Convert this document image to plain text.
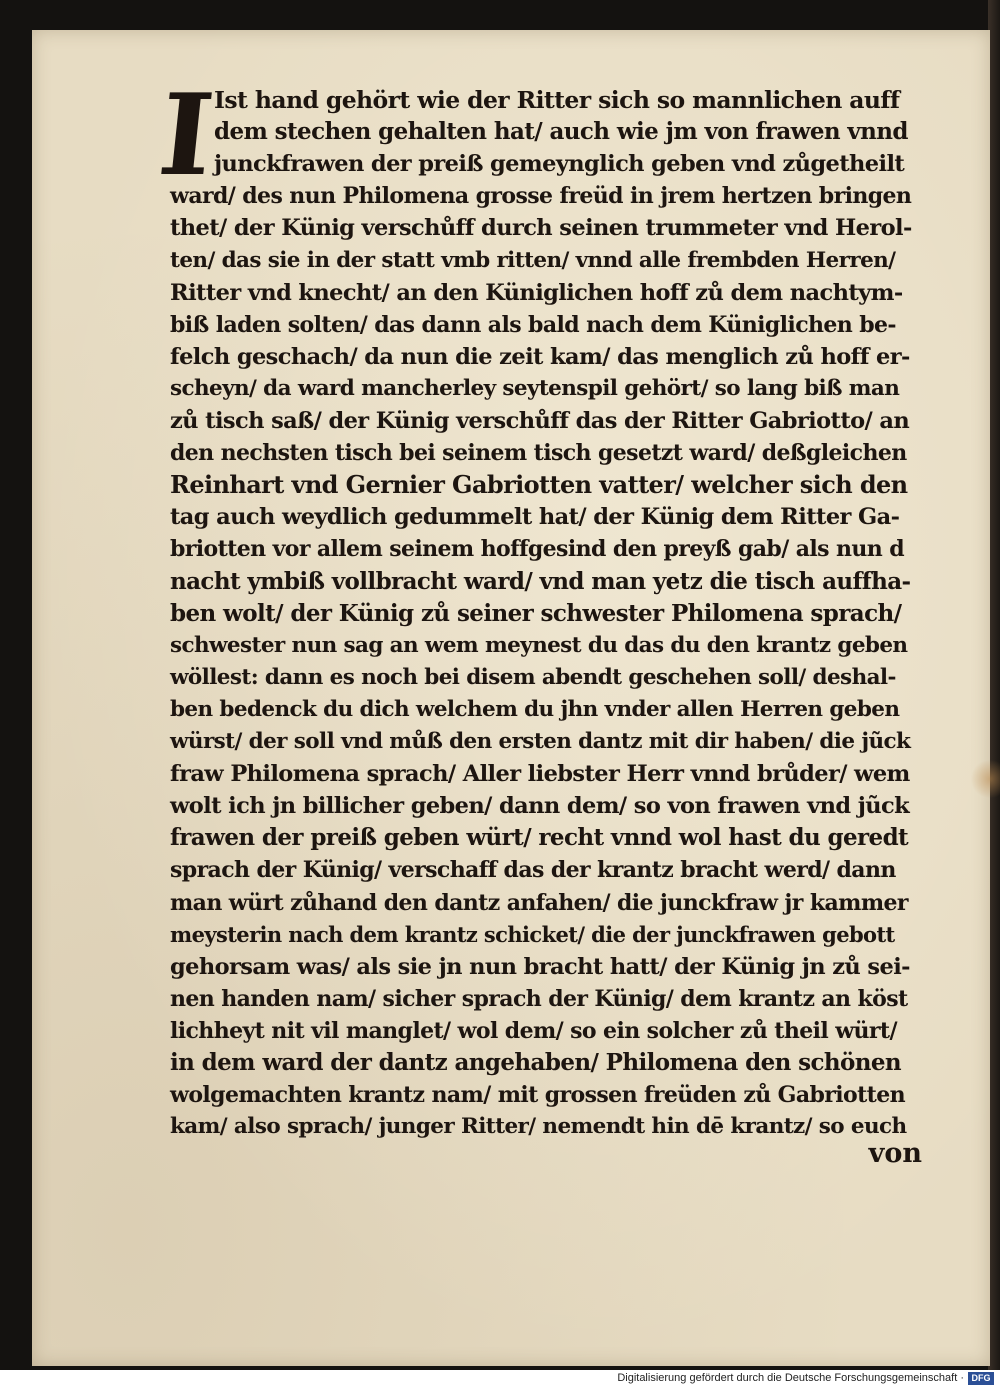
I
Ist hand gehört wie der Ritter sich so mannlichen auff
dem stechen gehalten hat/ auch wie jm von frawen vnnd
junckfrawen der preiß gemeynglich geben vnd zůgetheilt
ward/ des nun Philomena grosse freüd in jrem hertzen bringen
thet/ der Künig verschůff durch seinen trummeter vnd Herol-
ten/ das sie in der statt vmb ritten/ vnnd alle frembden Herren/
Ritter vnd knecht/ an den Küniglichen hoff zů dem nachtym-
biß laden solten/ das dann als bald nach dem Küniglichen be-
felch geschach/ da nun die zeit kam/ das menglich zů hoff er-
scheyn/ da ward mancherley seytenspil gehört/ so lang biß man
zů tisch saß/ der Künig verschůff das der Ritter Gabriotto/ an
den nechsten tisch bei seinem tisch gesetzt ward/ deßgleichen
Reinhart vnd Gernier Gabriotten vatter/ welcher sich den
tag auch weydlich gedummelt hat/ der Künig dem Ritter Ga-
briotten vor allem seinem hoffgesind den preyß gab/ als nun d
nacht ymbiß vollbracht ward/ vnd man yetz die tisch auffha-
ben wolt/ der Künig zů seiner schwester Philomena sprach/
schwester nun sag an wem meynest du das du den krantz geben
wöllest: dann es noch bei disem abendt geschehen soll/ deshal-
ben bedenck du dich welchem du jhn vnder allen Herren geben
würst/ der soll vnd můß den ersten dantz mit dir haben/ die jũck
fraw Philomena sprach/ Aller liebster Herr vnnd brůder/ wem
wolt ich jn billicher geben/ dann dem/ so von frawen vnd jũck
frawen der preiß geben würt/ recht vnnd wol hast du geredt
sprach der Künig/ verschaff das der krantz bracht werd/ dann
man würt zůhand den dantz anfahen/ die junckfraw jr kammer
meysterin nach dem krantz schicket/ die der junckfrawen gebott
gehorsam was/ als sie jn nun bracht hatt/ der Künig jn zů sei-
nen handen nam/ sicher sprach der Künig/ dem krantz an köst
lichheyt nit vil manglet/ wol dem/ so ein solcher zů theil würt/
in dem ward der dantz angehaben/ Philomena den schönen
wolgemachten krantz nam/ mit grossen freüden zů Gabriotten
kam/ also sprach/ junger Ritter/ nemendt hin dē krantz/ so euch
von
Digitalisierung gefördert durch die Deutsche Forschungsgemeinschaft · DFG
